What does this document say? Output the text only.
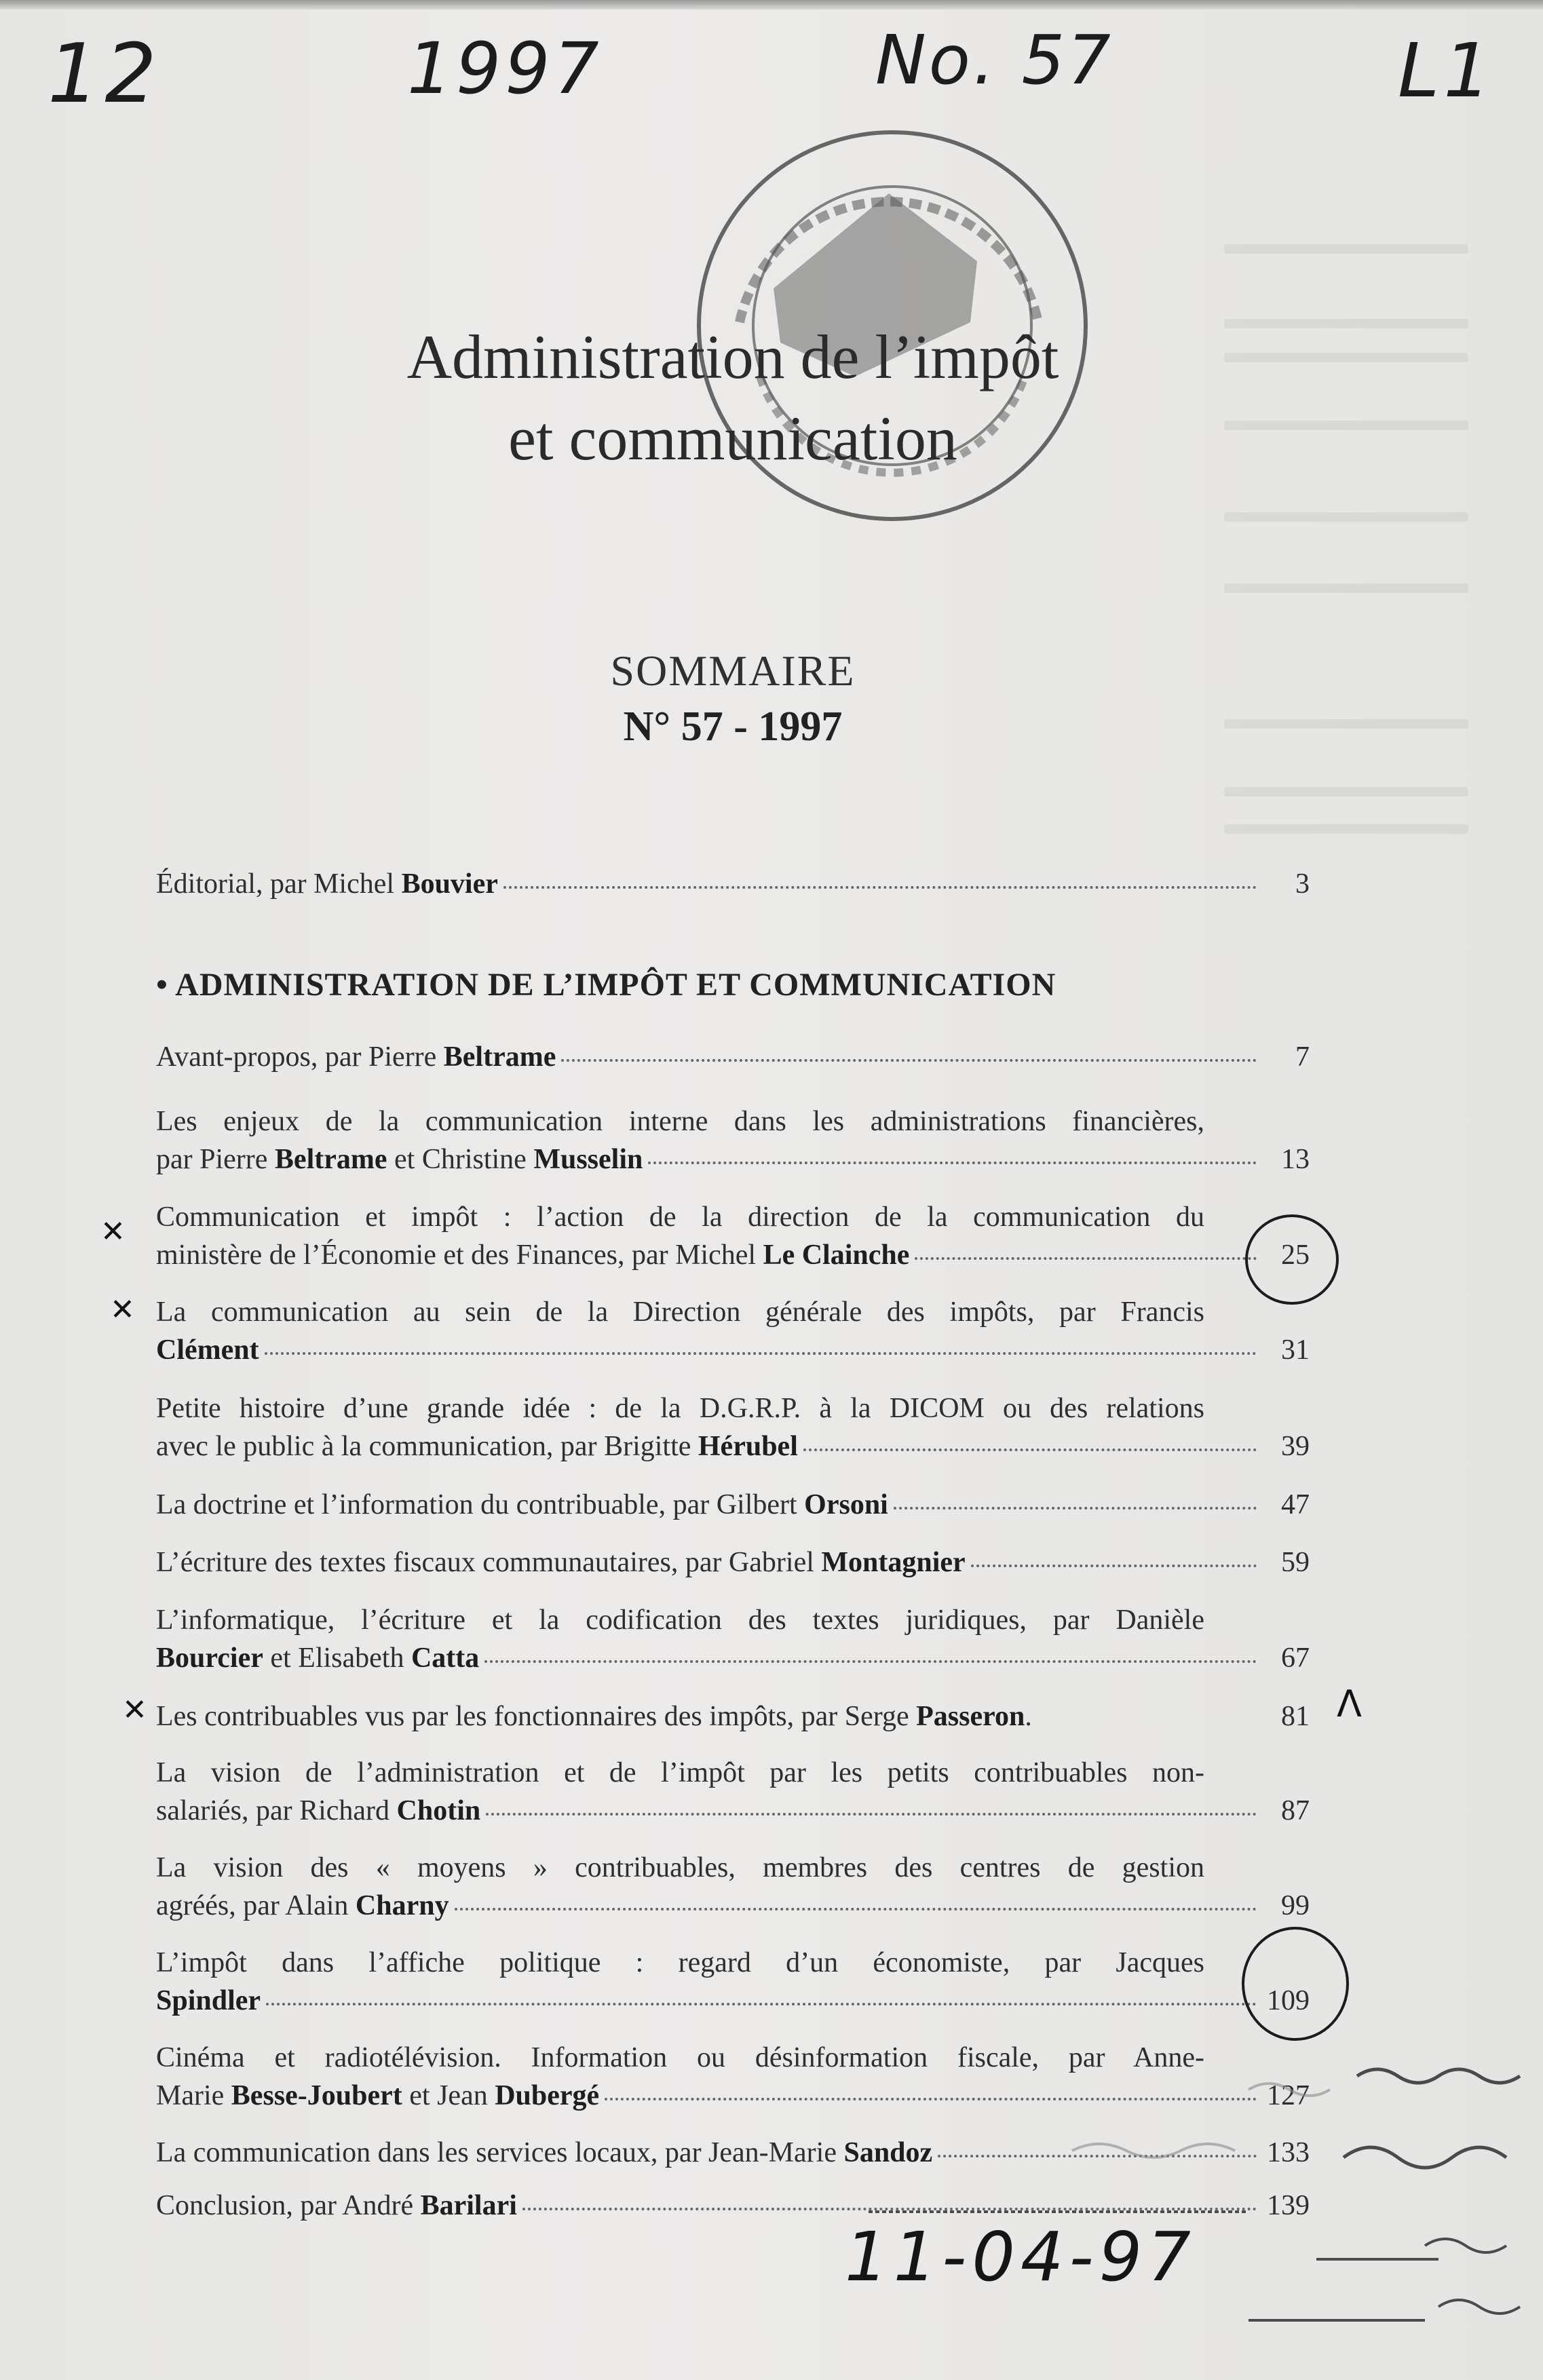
12	1997	No. 57	L1
Administration de l’impôt
et communication
SOMMAIRE
N° 57 - 1997
Éditorial, par Michel Bouvier	3
• ADMINISTRATION DE L’IMPÔT ET COMMUNICATION
Avant-propos, par Pierre Beltrame	7
Les enjeux de la communication interne dans les administrations financières,
par Pierre Beltrame et Christine Musselin	13
Communication et impôt : l’action de la direction de la communication du
ministère de l’Économie et des Finances, par Michel Le Clainche	25
La communication au sein de la Direction générale des impôts, par Francis
Clément	31
Petite histoire d’une grande idée : de la D.G.R.P. à la DICOM ou des relations
avec le public à la communication, par Brigitte Hérubel	39
La doctrine et l’information du contribuable, par Gilbert Orsoni	47
L’écriture des textes fiscaux communautaires, par Gabriel Montagnier	59
L’informatique, l’écriture et la codification des textes juridiques, par Danièle
Bourcier et Elisabeth Catta	67
Les contribuables vus par les fonctionnaires des impôts, par Serge Passeron.	81
La vision de l’administration et de l’impôt par les petits contribuables non-
salariés, par Richard Chotin	87
La vision des « moyens » contribuables, membres des centres de gestion
agréés, par Alain Charny	99
L’impôt dans l’affiche politique : regard d’un économiste, par Jacques
Spindler	109
Cinéma et radiotélévision. Information ou désinformation fiscale, par Anne-
Marie Besse-Joubert et Jean Dubergé	127
La communication dans les services locaux, par Jean-Marie Sandoz	133
Conclusion, par André Barilari	139
✕
✕
✕	ᐱ
11-04-97
